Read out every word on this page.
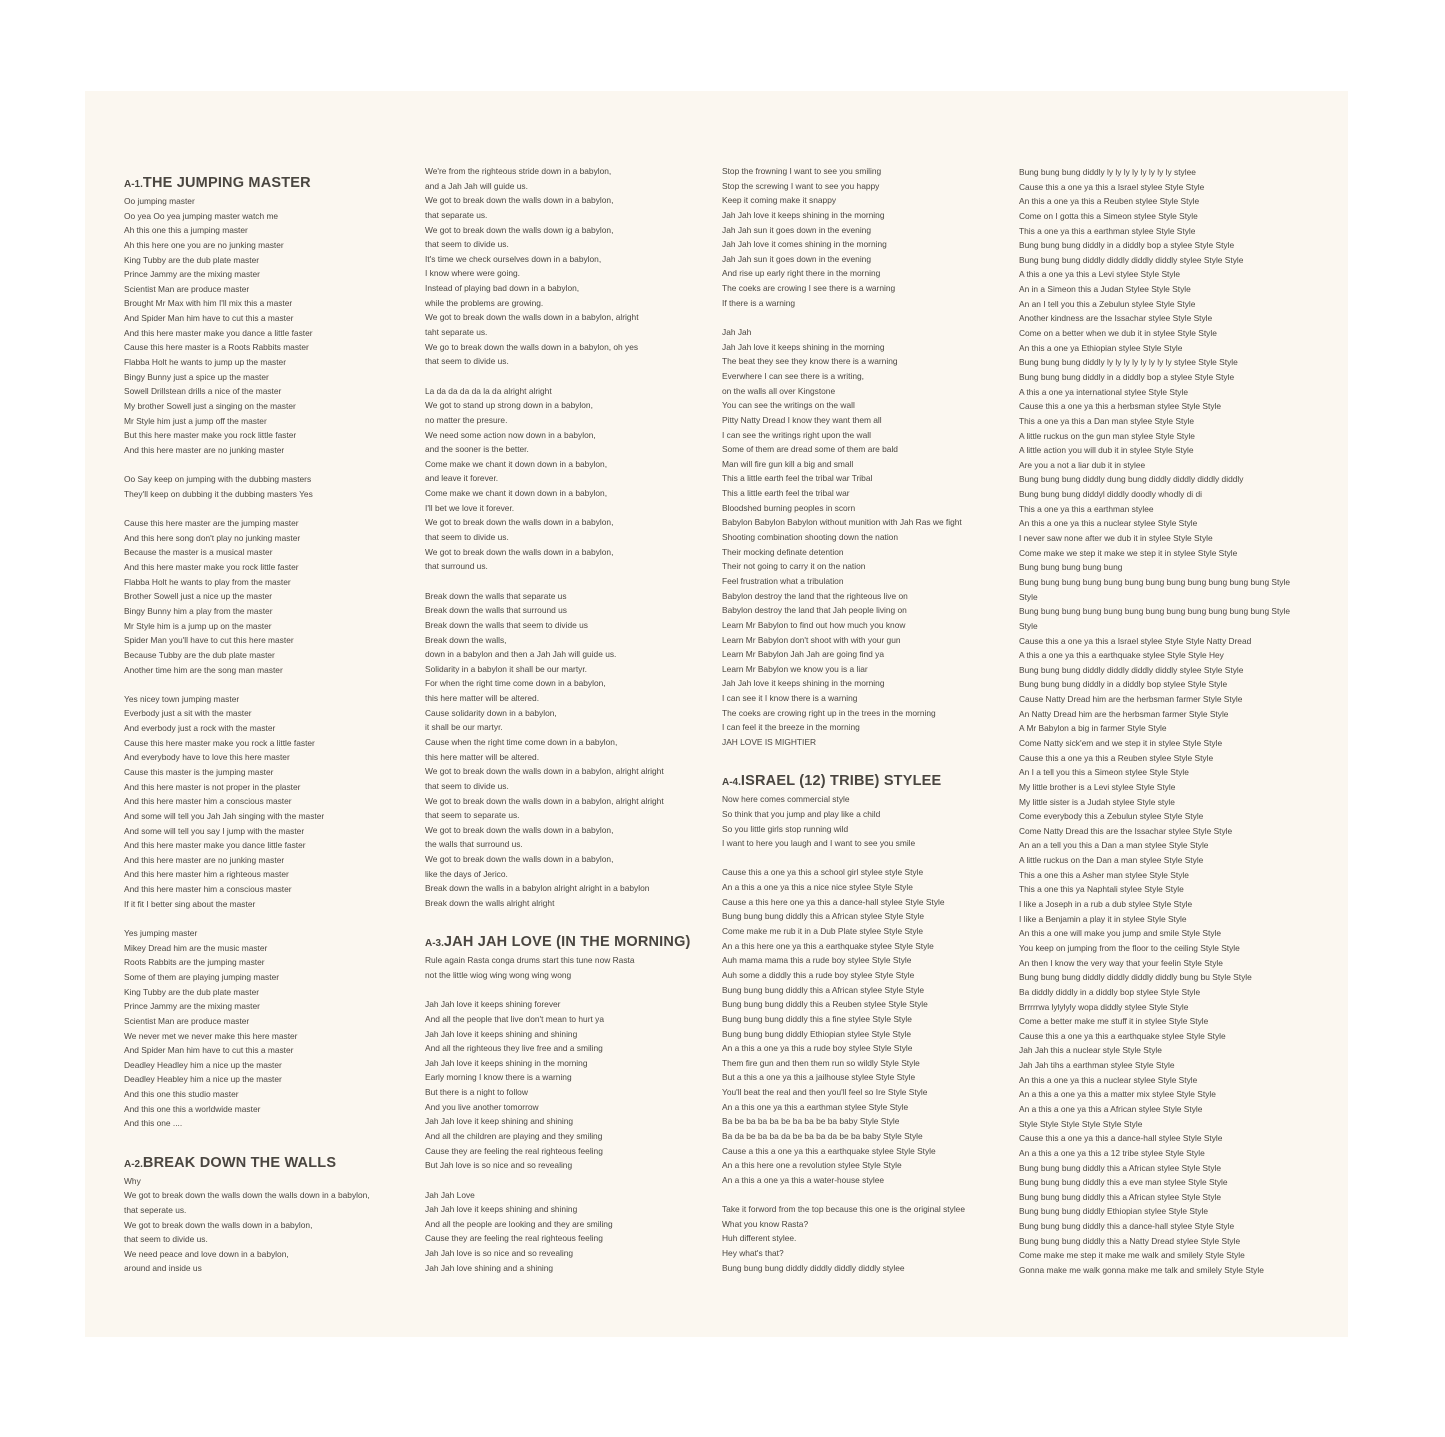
A-1.THE JUMPING MASTER
Oo jumping master
Oo yea Oo yea jumping master watch me
Ah this one this a jumping master
Ah this here one you are no junking master
King Tubby are the dub plate master
Prince Jammy are the mixing master
Scientist Man are produce master
Brought Mr Max with him I'll mix this a master
And Spider Man him have to cut this a master
And this here master make you dance a little faster
Cause this here master is a Roots Rabbits master
Flabba Holt he wants to jump up the master
Bingy Bunny just a spice up the master
Sowell Drillstean drills a nice of the master
My brother Sowell just a singing on the master
Mr Style him just a jump off the master
But this here master make you rock little faster
And this here master are no junking master
Oo Say keep on jumping with the dubbing masters
They'll keep on dubbing it the dubbing masters Yes
Cause this here master are the jumping master
And this here song don't play no junking master
Because the master is a musical master
And this here master make you rock little faster
Flabba Holt he wants to play from the master
Brother Sowell just a nice up the master
Bingy Bunny him a play from the master
Mr Style him is a jump up on the master
Spider Man you'll have to cut this here master
Because Tubby are the dub plate master
Another time him are the song man master
Yes nicey town jumping master
Everbody just a sit with the master
And everbody just a rock with the master
Cause this here master make you rock a little faster
And everybody have to love this here master
Cause this master is the jumping master
And this here master is not proper in the plaster
And this here master him a conscious master
And some will tell you Jah Jah singing with the master
And some will tell you say I jump with the master
And this here master make you dance little faster
And this here master are no junking master
And this here master him a righteous master
And this here master him a conscious master
If it fit I better sing about the master
Yes jumping master
Mikey Dread him are the music master
Roots Rabbits are the jumping master
Some of them are playing jumping master
King Tubby are the dub plate master
Prince Jammy are the mixing master
Scientist Man are produce master
We never met we never make this here master
And Spider Man him have to cut this a master
Deadley Headley him a nice up the master
Deadley Heabley him a nice up the master
And this one this studio master
And this one this a worldwide master
And this one ....
A-2.BREAK DOWN THE WALLS
Why
We got to break down the walls down the walls down in a babylon,
that seperate us.
We got to break down the walls down in a babylon,
that seem to divide us.
We need peace and love down in a babylon,
around and inside us
We're from the righteous stride down in a babylon,
and a Jah Jah will guide us.
We got to break down the walls down in a babylon,
that separate us.
We got to break down the walls down ig a babylon,
that seem to divide us.
It's time we check ourselves down in a babylon,
I know where were going.
Instead of playing bad down in a babylon,
while the problems are growing.
We got to break down the walls down in a babylon, alright
taht separate us.
We go to break down the walls down in a babylon, oh yes
that seem to divide us.
La da da da da la da alright alright
We got to stand up strong down in a babylon,
no matter the presure.
We need some action now down in a babylon,
and the sooner is the better.
Come make we chant it down down in a babylon,
and leave it forever.
Come make we chant it down down in a babylon,
I'll bet we love it forever.
We got to break down the walls down in a babylon,
that seem to divide us.
We got to break down the walls down in a babylon,
that surround us.
Break down the walls that separate us
Break down the walls that surround us
Break down the walls that seem to divide us
Break down the walls,
down in a babylon and then a Jah Jah will guide us.
Solidarity in a babylon it shall be our martyr.
For when the right time come down in a babylon,
this here matter will be altered.
Cause solidarity down in a babylon,
it shall be our martyr.
Cause when the right time come down in a babylon,
this here matter will be altered.
We got to break down the walls down in a babylon, alright alright
that seem to divide us.
We got to break down the walls down in a babylon, alright alright
that seem to separate us.
We got to break down the walls down in a babylon,
the walls that surround us.
We got to break down the walls down in a babylon,
like the days of Jerico.
Break down the walls in a babylon alright alright in a babylon
Break down the walls alright alright
A-3.JAH JAH LOVE (IN THE MORNING)
Rule again Rasta conga drums start this tune now Rasta
not the little wiog wing wong wing wong
Jah Jah love it keeps shining forever
And all the people that live don't mean to hurt ya
Jah Jah love it keeps shining and shining
And all the righteous they live free and a smiling
Jah Jah love it keeps shining in the morning
Early morning I know there is a warning
But there is a night to follow
And you live another tomorrow
Jah Jah love it keep shining and shining
And all the children are playing and they smiling
Cause they are feeling the real righteous feeling
But Jah love is so nice and so revealing
Jah Jah Love
Jah Jah love it keeps shining and shining
And all the people are looking and they are smiling
Cause they are feeling the real righteous feeling
Jah Jah love is so nice and so revealing
Jah Jah love shining and a shining
Stop the frowning I want to see you smiling
Stop the screwing I want to see you happy
Keep it coming make it snappy
Jah Jah love it keeps shining in the morning
Jah Jah sun it goes down in the evening
Jah Jah love it comes shining in the morning
Jah Jah sun it goes down in the evening
And rise up early right there in the morning
The coeks are crowing I see there is a warning
If there is a warning
Jah Jah
Jah Jah love it keeps shining in the morning
The beat they see they know there is a warning
Everwhere I can see there is a writing,
on the walls all over Kingstone
You can see the writings on the wall
Pitty Natty Dread I know they want them all
I can see the writings right upon the wall
Some of them are dread some of them are bald
Man will fire gun kill a big and small
This a little earth feel the tribal war Tribal
This a little earth feel the tribal war
Bloodshed burning peoples in scorn
Babylon Babylon Babylon without munition with Jah Ras we fight
Shooting combination shooting down the nation
Their mocking definate detention
Their not going to carry it on the nation
Feel frustration what a tribulation
Babylon destroy the land that the righteous live on
Babylon destroy the land that Jah people living on
Learn Mr Babylon to find out how much you know
Learn Mr Babylon don't shoot with with your gun
Learn Mr Babylon Jah Jah are going find ya
Learn Mr Babylon we know you is a liar
Jah Jah love it keeps shining in the morning
I can see it I know there is a warning
The coeks are crowing right up in the trees in the morning
I can feel it the breeze in the morning
JAH LOVE IS MIGHTIER
A-4.ISRAEL (12) TRIBE) STYLEE
Now here comes commercial style
So think that you jump and play like a child
So you little girls stop running wild
I want to here you laugh and I want to see you smile
Cause this a one ya this a school girl stylee style Style
An a this a one ya this a nice nice stylee Style Style
Cause a this here one ya this a dance-hall stylee Style Style
Bung bung bung diddly this a African stylee Style Style
Come make me rub it in a Dub Plate stylee Style Style
An a this here one ya this a earthquake stylee Style Style
Auh mama mama this a rude boy stylee Style Style
Auh some a diddly this a rude boy stylee Style Style
Bung bung bung diddly this a African stylee Style Style
Bung bung bung diddly this a Reuben stylee Style Style
Bung bung bung diddly this a fine stylee Style Style
Bung bung bung diddly Ethiopian stylee Style Style
An a this a one ya this a rude boy stylee Style Style
Them fire gun and then them run so wildly Style Style
But a this a one ya this a jailhouse stylee Style Style
You'll beat the real and then you'll feel so Ire Style Style
An a this one ya this a earthman stylee Style Style
Ba be ba ba ba be ba ba be ba baby Style Style
Ba da be ba ba da be ba ba da be ba baby Style Style
Cause a this a one ya this a earthquake stylee Style Style
An a this here one a revolution stylee Style Style
An a this a one ya this a water-house stylee
Take it forword from the top because this one is the original stylee
What you know Rasta?
Huh different stylee.
Hey what's that?
Bung bung bung diddly diddly diddly diddly stylee
Bung bung bung diddly ly ly ly ly ly ly ly ly stylee
Cause this a one ya this a Israel stylee Style Style
An this a one ya this a Reuben stylee Style Style
Come on I gotta this a Simeon stylee Style Style
This a one ya this a earthman stylee Style Style
Bung bung bung diddly in a diddly bop a stylee Style Style
Bung bung bung diddly diddly diddly diddly stylee Style Style
A this a one ya this a Levi stylee Style Style
An in a Simeon this a Judan Stylee Style Style
An an I tell you this a Zebulun stylee Style Style
Another kindness are the Issachar stylee Style Style
Come on a better when we dub it in stylee Style Style
An this a one ya Ethiopian stylee Style Style
Bung bung bung diddly ly ly ly ly ly ly ly ly stylee Style Style
Bung bung bung diddly in a diddly bop a stylee Style Style
A this a one ya international stylee Style Style
Cause this a one ya this a herbsman stylee Style Style
This a one ya this a Dan man stylee Style Style
A little ruckus on the gun man stylee Style Style
A little action you will dub it in stylee Style Style
Are you a not a liar dub it in stylee
Bung bung bung diddly dung bung diddly diddly diddly diddly
Bung bung bung diddyl diddly doodly whodly di di
This a one ya this a earthman stylee
An this a one ya this a nuclear stylee Style Style
I never saw none after we dub it in stylee Style Style
Come make we step it make we step it in stylee Style Style
Bung bung bung bung bung
Bung bung bung bung bung bung bung bung bung bung bung bung Style
Style
Bung bung bung bung bung bung bung bung bung bung bung bung Style
Style
Cause this a one ya this a Israel stylee Style Style Natty Dread
A this a one ya this a earthquake stylee Style Style Hey
Bung bung bung diddly diddly diddly diddly stylee Style Style
Bung bung bung diddly in a diddly bop stylee Style Style
Cause Natty Dread him are the herbsman farmer Style Style
An Natty Dread him are the herbsman farmer Style Style
A Mr Babylon a big in farmer Style Style
Come Natty sick'em and we step it in stylee Style Style
Cause this a one ya this a Reuben stylee Style Style
An I a tell you this a Simeon stylee Style Style
My little brother is a Levi stylee Style Style
My little sister is a Judah stylee Style style
Come everybody this a Zebulun stylee Style Style
Come Natty Dread this are the Issachar stylee Style Style
An an a tell you this a Dan a man stylee Style Style
A little ruckus on the Dan a man stylee Style Style
This a one this a Asher man stylee Style Style
This a one this ya Naphtali stylee Style Style
I like a Joseph in a rub a dub stylee Style Style
I like a Benjamin a play it in stylee Style Style
An this a one will make you jump and smile Style Style
You keep on jumping from the floor to the ceiling Style Style
An then I know the very way that your feelin Style Style
Bung bung bung diddly diddly diddly diddly bung bu Style Style
Ba diddly diddly in a diddly bop stylee Style Style
Brrrrrwa lylylyly wopa diddly stylee Style Style
Come a better make me stuff it in stylee Style Style
Cause this a one ya this a earthquake stylee Style Style
Jah Jah this a nuclear style Style Style
Jah Jah tihs a earthman stylee Style Style
An this a one ya this a nuclear stylee Style Style
An a this a one ya this a matter mix stylee Style Style
An a this a one ya this a African stylee Style Style
Style Style Style Style Style Style
Cause this a one ya this a dance-hall stylee Style Style
An a this a one ya this a 12 tribe stylee Style Style
Bung bung bung diddly this a African stylee Style Style
Bung bung bung diddly this a eve man stylee Style Style
Bung bung bung diddly this a African stylee Style Style
Bung bung bung diddly Ethiopian stylee Style Style
Bung bung bung diddly this a dance-hall stylee Style Style
Bung bung bung diddly this a Natty Dread stylee Style Style
Come make me step it make me walk and smilely Style Style
Gonna make me walk gonna make me talk and smilely Style Style
